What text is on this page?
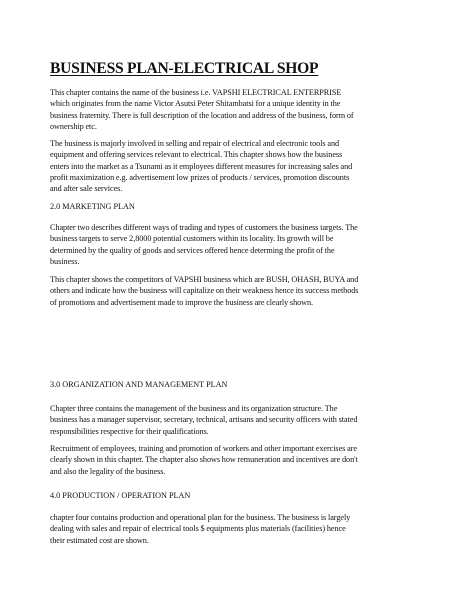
BUSINESS PLAN-ELECTRICAL SHOP

This chapter contains the name of the business i.e. VAPSHI ELECTRICAL ENTERPRISE
which originates from the name Victor Asutsi Peter Shitambatsi for a unique identity in the
business fraternity. There is full description of the location and address of the business, form of
ownership etc.

The business is majorly involved in selling and repair of electrical and electronic tools and
equipment and offering services relevant to electrical. This chapter shows how the business
enters into the market as a Tsunami as it employees different measures for increasing sales and
profit maximization e.g. advertisement low prizes of products / services, promotion discounts
and after sale services.

2.0 MARKETING PLAN

Chapter two describes different ways of trading and types of customers the business targets. The
business targets to serve 2,8000 potential customers within its locality. Its growth will be
determined by the quality of goods and services offered hence determing the profit of the
business.

This chapter shows the competitors of VAPSHI business which are BUSH, OHASH, BUYA and
others and indicate how the business will capitalize on their weakness hence its success methods
of promotions and advertisement made to improve the business are clearly shown.

3.0 ORGANIZATION AND MANAGEMENT PLAN

Chapter three contains the management of the business and its organization structure. The
business has a manager supervisor, secretary, technical, artisans and security officers with stated
responsibilities respective for their qualifications.

Recruitment of employees, training and promotion of workers and other important exercises are
clearly shown in this chapter. The chapter also shows how remuneration and incentives are don't
and also the legality of the business.

4.0 PRODUCTION / OPERATION PLAN

chapter four contains production and operational plan for the business. The business is largely
dealing with sales and repair of electrical tools $ equipments plus materials (facilities) hence
their estimated cost are shown.
